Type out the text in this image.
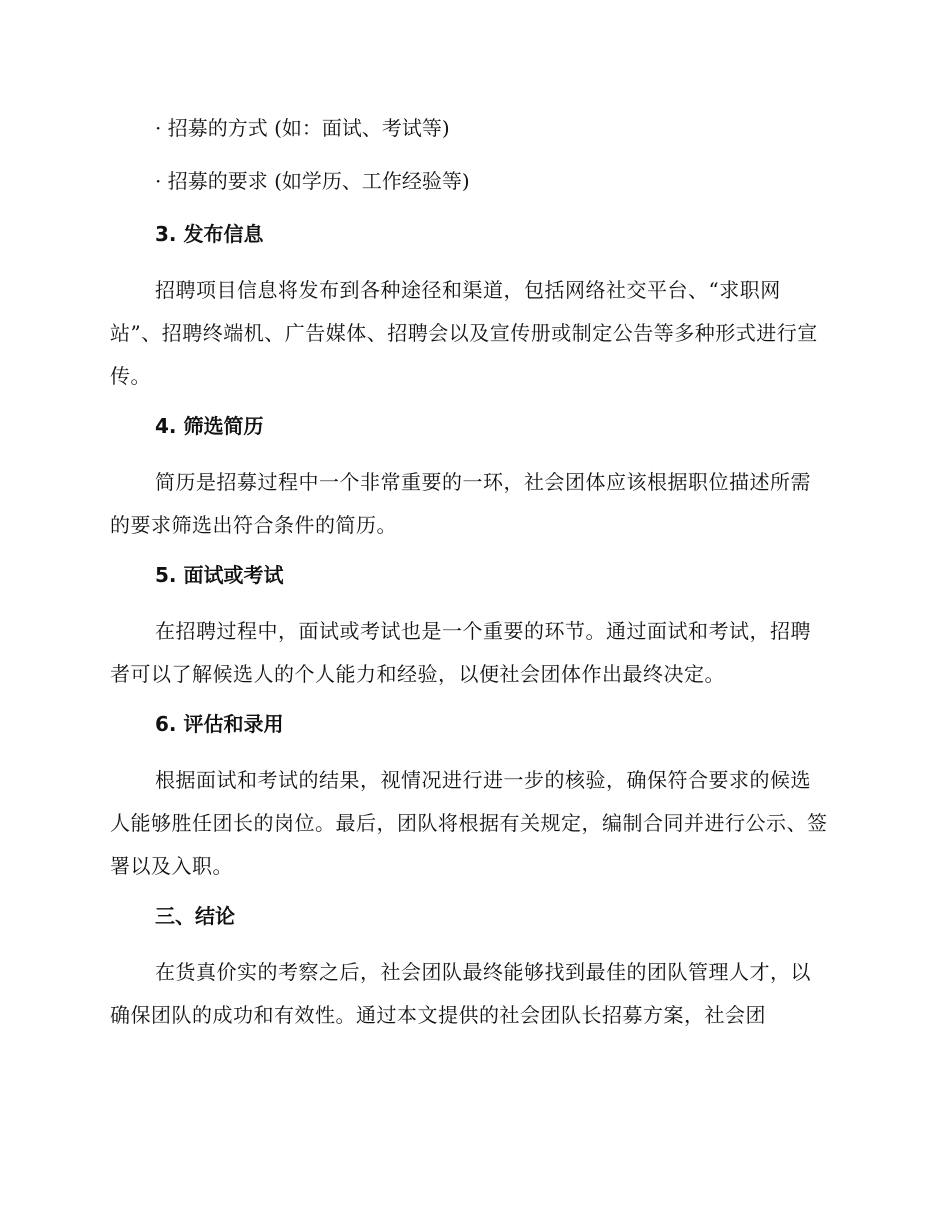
· 招募的方式 (如：面试、考试等)
· 招募的要求 (如学历、工作经验等)
3. 发布信息

招聘项目信息将发布到各种途径和渠道，包括网络社交平台、“求职网站”、招聘终端机、广告媒体、招聘会以及宣传册或制定公告等多种形式进行宣传。

4. 筛选简历

简历是招募过程中一个非常重要的一环，社会团体应该根据职位描述所需的要求筛选出符合条件的简历。

5. 面试或考试

在招聘过程中，面试或考试也是一个重要的环节。通过面试和考试，招聘者可以了解候选人的个人能力和经验，以便社会团体作出最终决定。

6. 评估和录用

根据面试和考试的结果，视情况进行进一步的核验，确保符合要求的候选人能够胜任团长的岗位。最后，团队将根据有关规定，编制合同并进行公示、签署以及入职。

三、结论

在货真价实的考察之后，社会团队最终能够找到最佳的团队管理人才，以确保团队的成功和有效性。通过本文提供的社会团队长招募方案，社会团
